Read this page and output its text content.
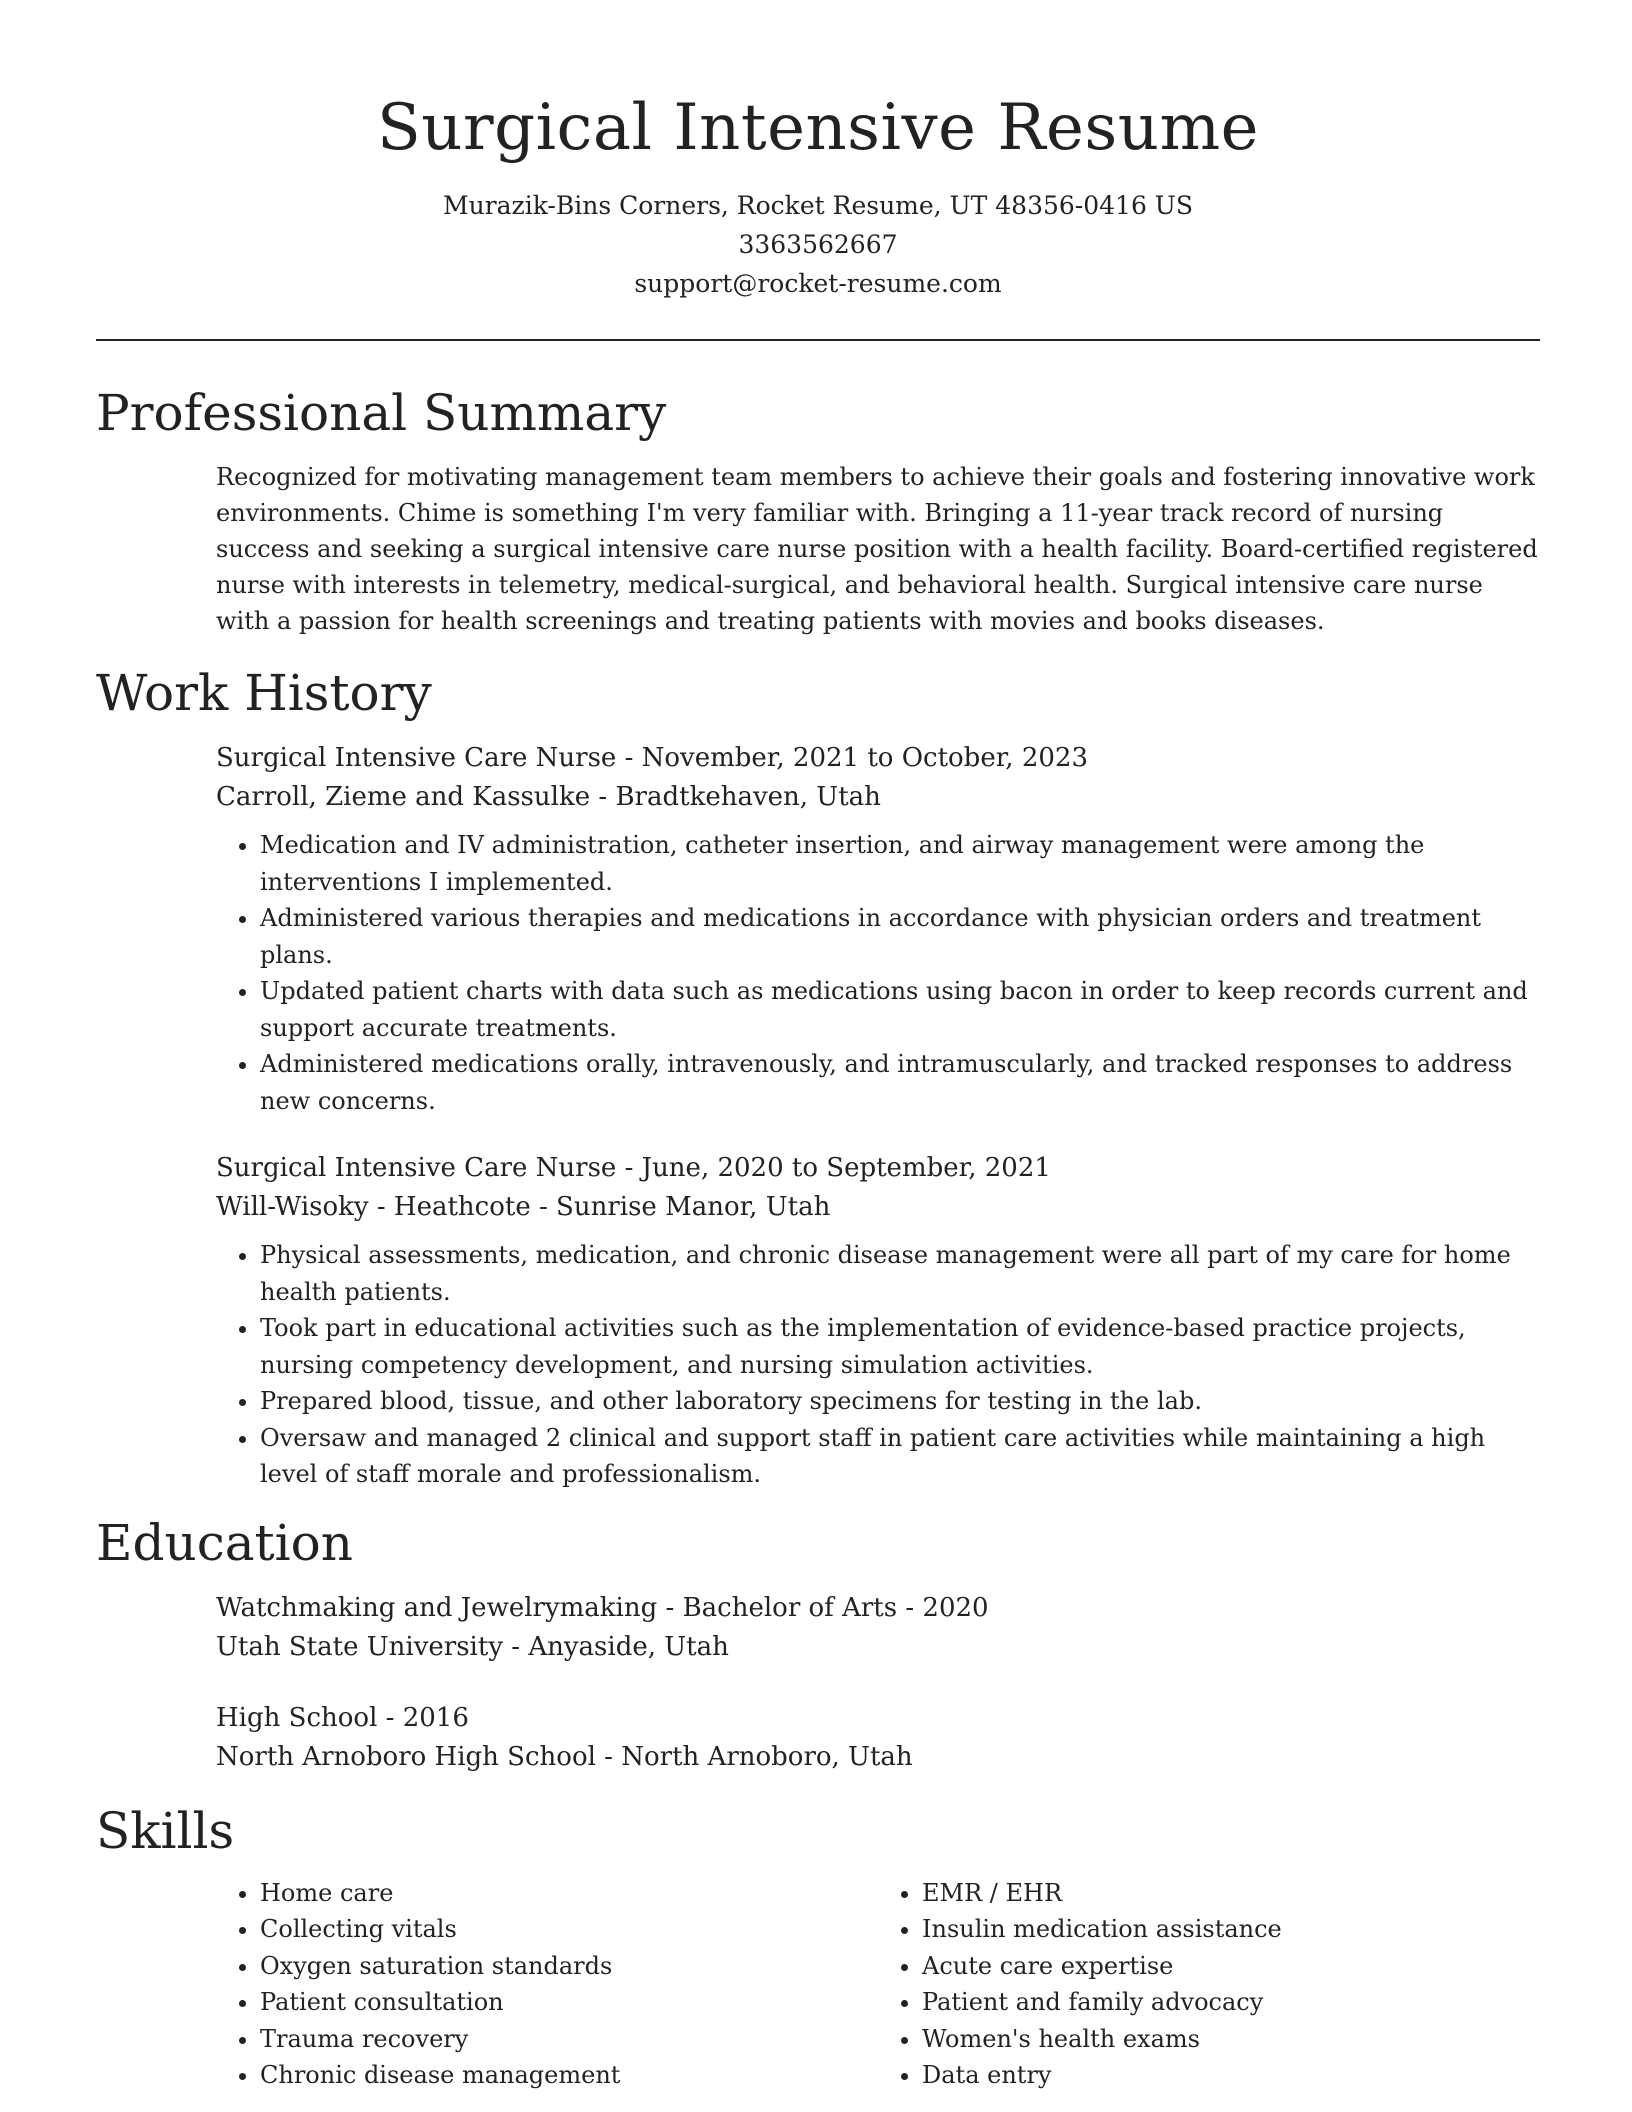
Surgical Intensive Resume
Murazik-Bins Corners, Rocket Resume, UT 48356-0416 US
3363562667
support@rocket-resume.com
Professional Summary

Recognized for motivating management team members to achieve their goals and fostering innovative work environments. Chime is something I'm very familiar with. Bringing a 11-year track record of nursing success and seeking a surgical intensive care nurse position with a health facility. Board-certified registered nurse with interests in telemetry, medical-surgical, and behavioral health. Surgical intensive care nurse with a passion for health screenings and treating patients with movies and books diseases.

Work History
Surgical Intensive Care Nurse - November, 2021 to October, 2023
Carroll, Zieme and Kassulke - Bradtkehaven, Utah
• Medication and IV administration, catheter insertion, and airway management were among the interventions I implemented.
• Administered various therapies and medications in accordance with physician orders and treatment plans.
• Updated patient charts with data such as medications using bacon in order to keep records current and support accurate treatments.
• Administered medications orally, intravenously, and intramuscularly, and tracked responses to address new concerns.
Surgical Intensive Care Nurse - June, 2020 to September, 2021
Will-Wisoky - Heathcote - Sunrise Manor, Utah
• Physical assessments, medication, and chronic disease management were all part of my care for home health patients.
• Took part in educational activities such as the implementation of evidence-based practice projects, nursing competency development, and nursing simulation activities.
• Prepared blood, tissue, and other laboratory specimens for testing in the lab.
• Oversaw and managed 2 clinical and support staff in patient care activities while maintaining a high level of staff morale and professionalism.
Education
Watchmaking and Jewelrymaking - Bachelor of Arts - 2020
Utah State University - Anyaside, Utah
High School - 2016
North Arnoboro High School - North Arnoboro, Utah
Skills
• Home care
• Collecting vitals
• Oxygen saturation standards
• Patient consultation
• Trauma recovery
• Chronic disease management
• EMR / EHR
• Insulin medication assistance
• Acute care expertise
• Patient and family advocacy
• Women's health exams
• Data entry
